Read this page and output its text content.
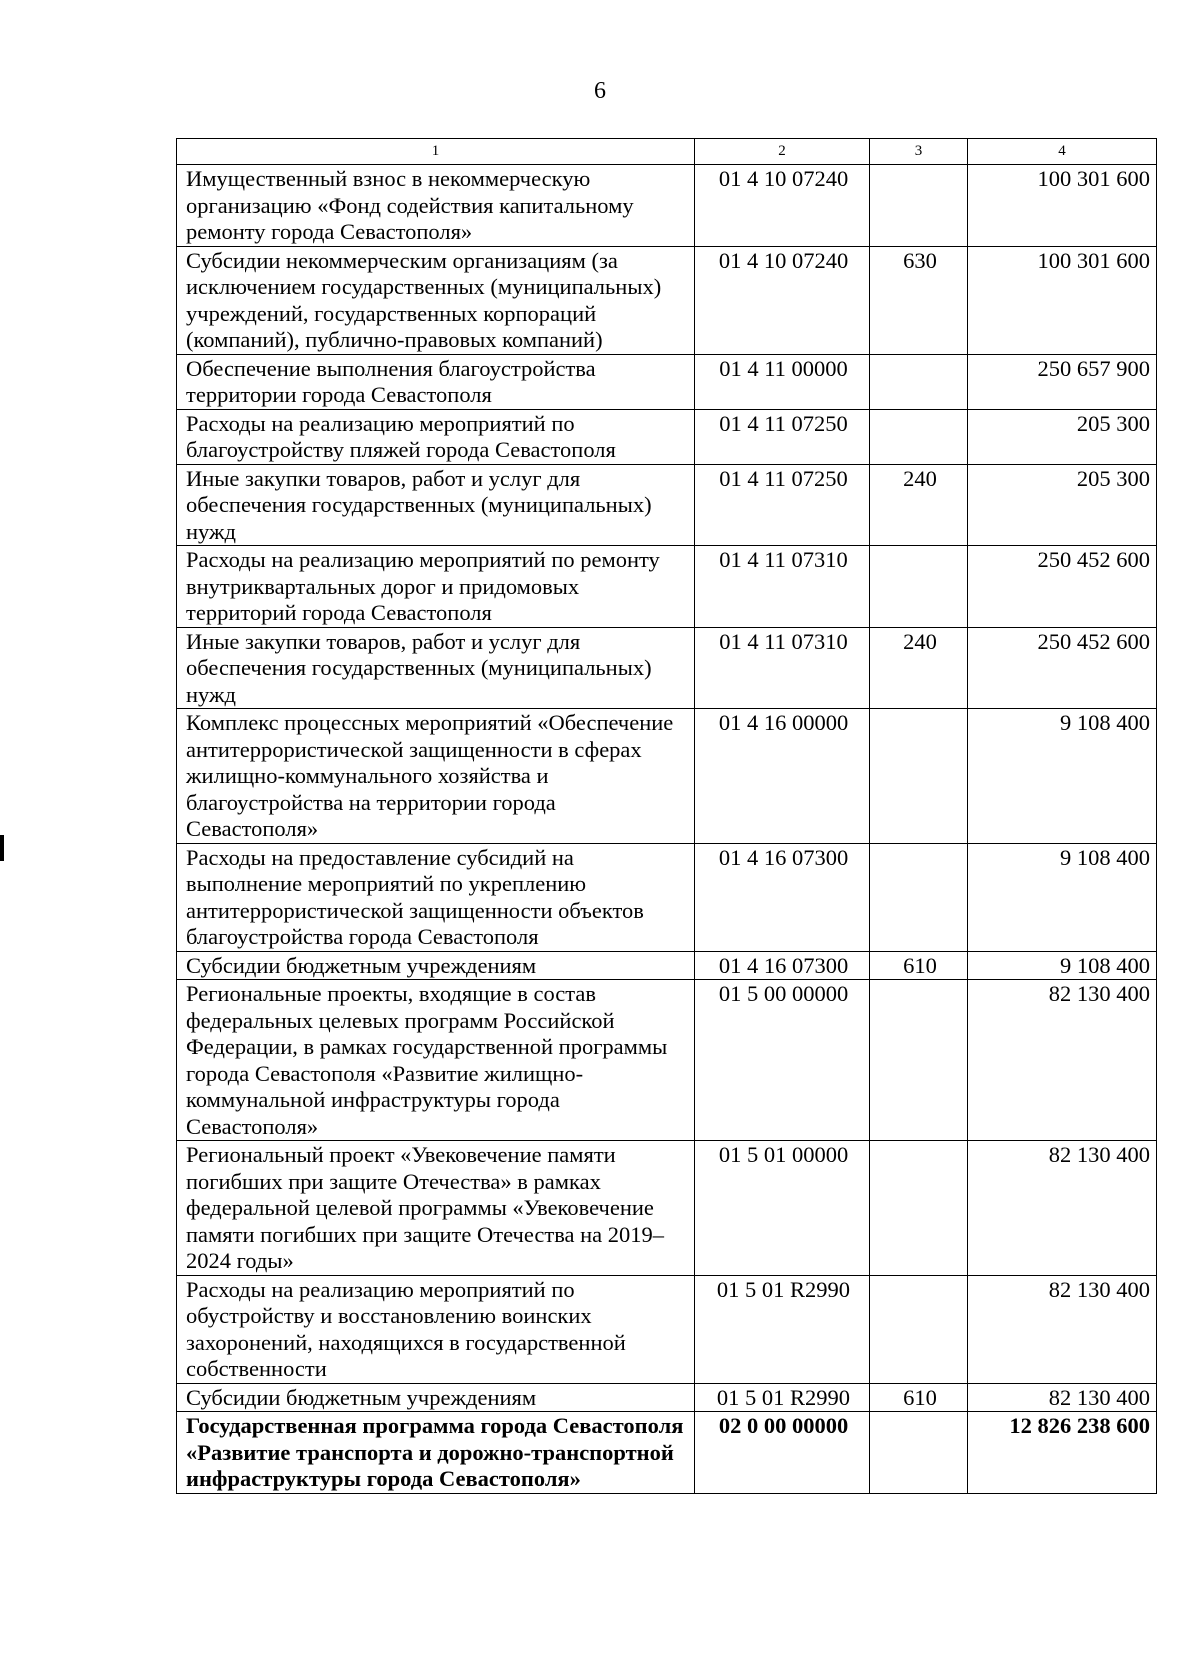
6
1	2	3	4
Имущественный взнос в некоммерческую организацию «Фонд содействия капитальному ремонту города Севастополя»	01 4 10 07240		100 301 600
Субсидии некоммерческим организациям (за исключением государственных (муниципальных) учреждений, государственных корпораций (компаний), публично-правовых компаний)	01 4 10 07240	630	100 301 600
Обеспечение выполнения благоустройства территории города Севастополя	01 4 11 00000		250 657 900
Расходы на реализацию мероприятий по благоустройству пляжей города Севастополя	01 4 11 07250		205 300
Иные закупки товаров, работ и услуг для обеспечения государственных (муниципальных) нужд	01 4 11 07250	240	205 300
Расходы на реализацию мероприятий по ремонту внутриквартальных дорог и придомовых территорий города Севастополя	01 4 11 07310		250 452 600
Иные закупки товаров, работ и услуг для обеспечения государственных (муниципальных) нужд	01 4 11 07310	240	250 452 600
Комплекс процессных мероприятий «Обеспечение антитеррористической защищенности в сферах жилищно-коммунального хозяйства и благоустройства на территории города Севастополя»	01 4 16 00000		9 108 400
Расходы на предоставление субсидий на выполнение мероприятий по укреплению антитеррористической защищенности объектов благоустройства города Севастополя	01 4 16 07300		9 108 400
Субсидии бюджетным учреждениям	01 4 16 07300	610	9 108 400
Региональные проекты, входящие в состав федеральных целевых программ Российской Федерации, в рамках государственной программы города Севастополя «Развитие жилищно-коммунальной инфраструктуры города Севастополя»	01 5 00 00000		82 130 400
Региональный проект «Увековечение памяти погибших при защите Отечества» в рамках федеральной целевой программы «Увековечение памяти погибших при защите Отечества на 2019–2024 годы»	01 5 01 00000		82 130 400
Расходы на реализацию мероприятий по обустройству и восстановлению воинских захоронений, находящихся в государственной собственности	01 5 01 R2990		82 130 400
Субсидии бюджетным учреждениям	01 5 01 R2990	610	82 130 400
Государственная программа города Севастополя «Развитие транспорта и дорожно-транспортной инфраструктуры города Севастополя»	02 0 00 00000		12 826 238 600
